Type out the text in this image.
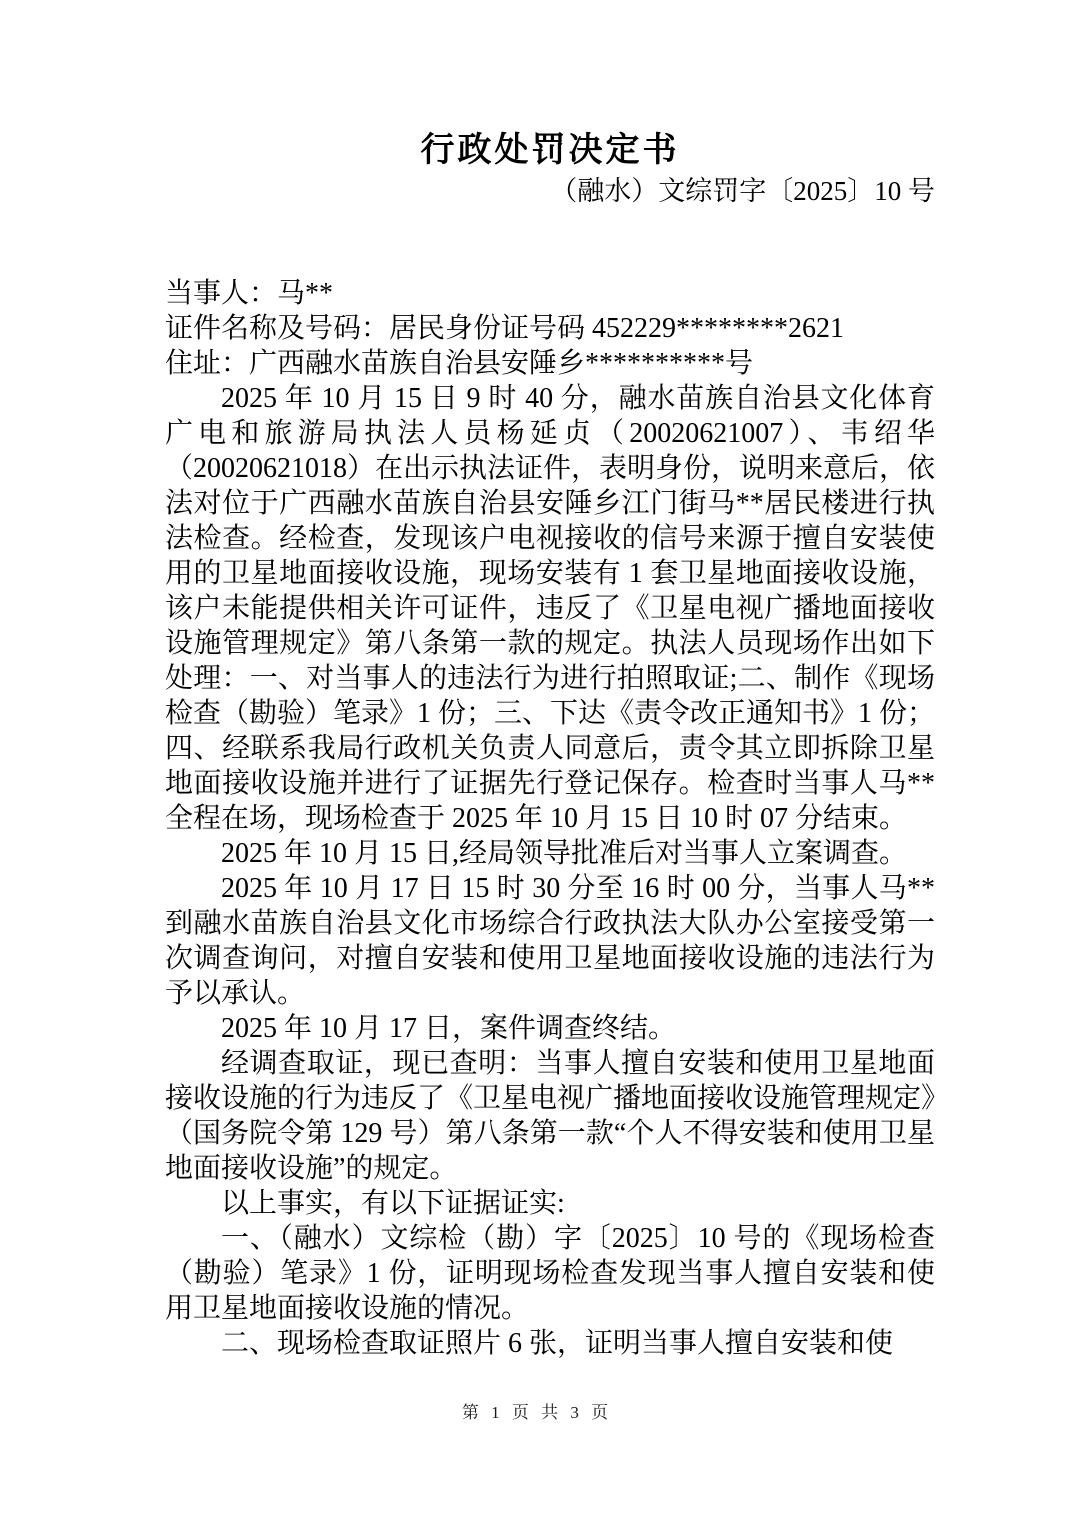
行政处罚决定书
（融水）文综罚字〔2025〕10 号

当事人：马**

证件名称及号码：居民身份证号码 452229********2621

住址：广西融水苗族自治县安陲乡**********号

2025 年 10 月 15 日 9 时 40 分，融水苗族自治县文化体育广电和旅游局执法人员杨延贞（20020621007）、韦绍华（20020621018）在出示执法证件，表明身份，说明来意后，依法对位于广西融水苗族自治县安陲乡江门街马**居民楼进行执法检查。经检查，发现该户电视接收的信号来源于擅自安装使用的卫星地面接收设施，现场安装有 1 套卫星地面接收设施，该户未能提供相关许可证件，违反了《卫星电视广播地面接收设施管理规定》第八条第一款的规定。执法人员现场作出如下处理：一、对当事人的违法行为进行拍照取证;二、制作《现场检查（勘验）笔录》1 份；三、下达《责令改正通知书》1 份；四、经联系我局行政机关负责人同意后，责令其立即拆除卫星地面接收设施并进行了证据先行登记保存。检查时当事人马**全程在场，现场检查于 2025 年 10 月 15 日 10 时 07 分结束。

2025 年 10 月 15 日,经局领导批准后对当事人立案调查。

2025 年 10 月 17 日 15 时 30 分至 16 时 00 分，当事人马**到融水苗族自治县文化市场综合行政执法大队办公室接受第一次调查询问，对擅自安装和使用卫星地面接收设施的违法行为予以承认。

2025 年 10 月 17 日，案件调查终结。

经调查取证，现已查明：当事人擅自安装和使用卫星地面接收设施的行为违反了《卫星电视广播地面接收设施管理规定》（国务院令第 129 号）第八条第一款“个人不得安装和使用卫星地面接收设施”的规定。

以上事实，有以下证据证实:

一、（融水）文综检（勘）字〔2025〕10 号的《现场检查（勘验）笔录》1 份，证明现场检查发现当事人擅自安装和使用卫星地面接收设施的情况。

二、现场检查取证照片 6 张，证明当事人擅自安装和使

第 1 页 共 3 页
